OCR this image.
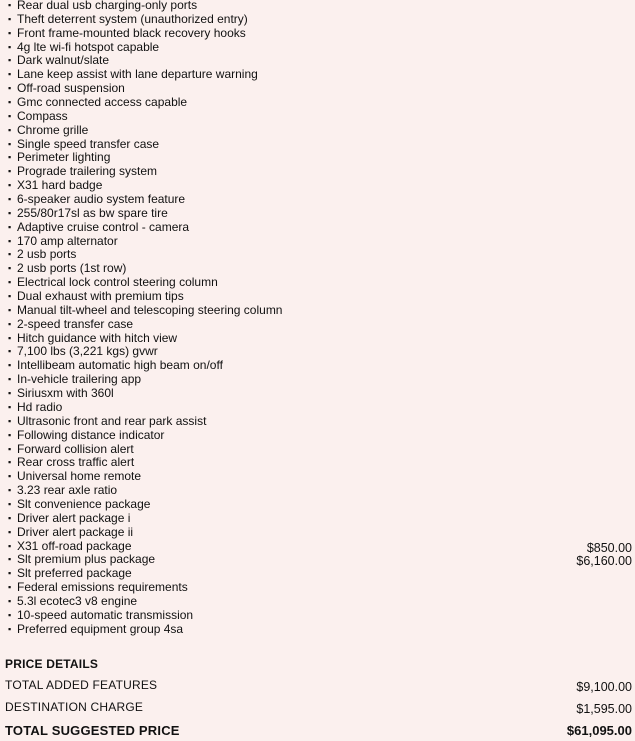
▪ Rear dual usb charging-only ports
▪ Theft deterrent system (unauthorized entry)
▪ Front frame-mounted black recovery hooks
▪ 4g lte wi-fi hotspot capable
▪ Dark walnut/slate
▪ Lane keep assist with lane departure warning
▪ Off-road suspension
▪ Gmc connected access capable
▪ Compass
▪ Chrome grille
▪ Single speed transfer case
▪ Perimeter lighting
▪ Prograde trailering system
▪ X31 hard badge
▪ 6-speaker audio system feature
▪ 255/80r17sl as bw spare tire
▪ Adaptive cruise control - camera
▪ 170 amp alternator
▪ 2 usb ports
▪ 2 usb ports (1st row)
▪ Electrical lock control steering column
▪ Dual exhaust with premium tips
▪ Manual tilt-wheel and telescoping steering column
▪ 2-speed transfer case
▪ Hitch guidance with hitch view
▪ 7,100 lbs (3,221 kgs) gvwr
▪ Intellibeam automatic high beam on/off
▪ In-vehicle trailering app
▪ Siriusxm with 360l
▪ Hd radio
▪ Ultrasonic front and rear park assist
▪ Following distance indicator
▪ Forward collision alert
▪ Rear cross traffic alert
▪ Universal home remote
▪ 3.23 rear axle ratio
▪ Slt convenience package
▪ Driver alert package i
▪ Driver alert package ii
▪ X31 off-road package	$850.00
▪ Slt premium plus package	$6,160.00
▪ Slt preferred package
▪ Federal emissions requirements
▪ 5.3l ecotec3 v8 engine
▪ 10-speed automatic transmission
▪ Preferred equipment group 4sa
PRICE DETAILS
TOTAL ADDED FEATURES	$9,100.00
DESTINATION CHARGE	$1,595.00
TOTAL SUGGESTED PRICE	$61,095.00
